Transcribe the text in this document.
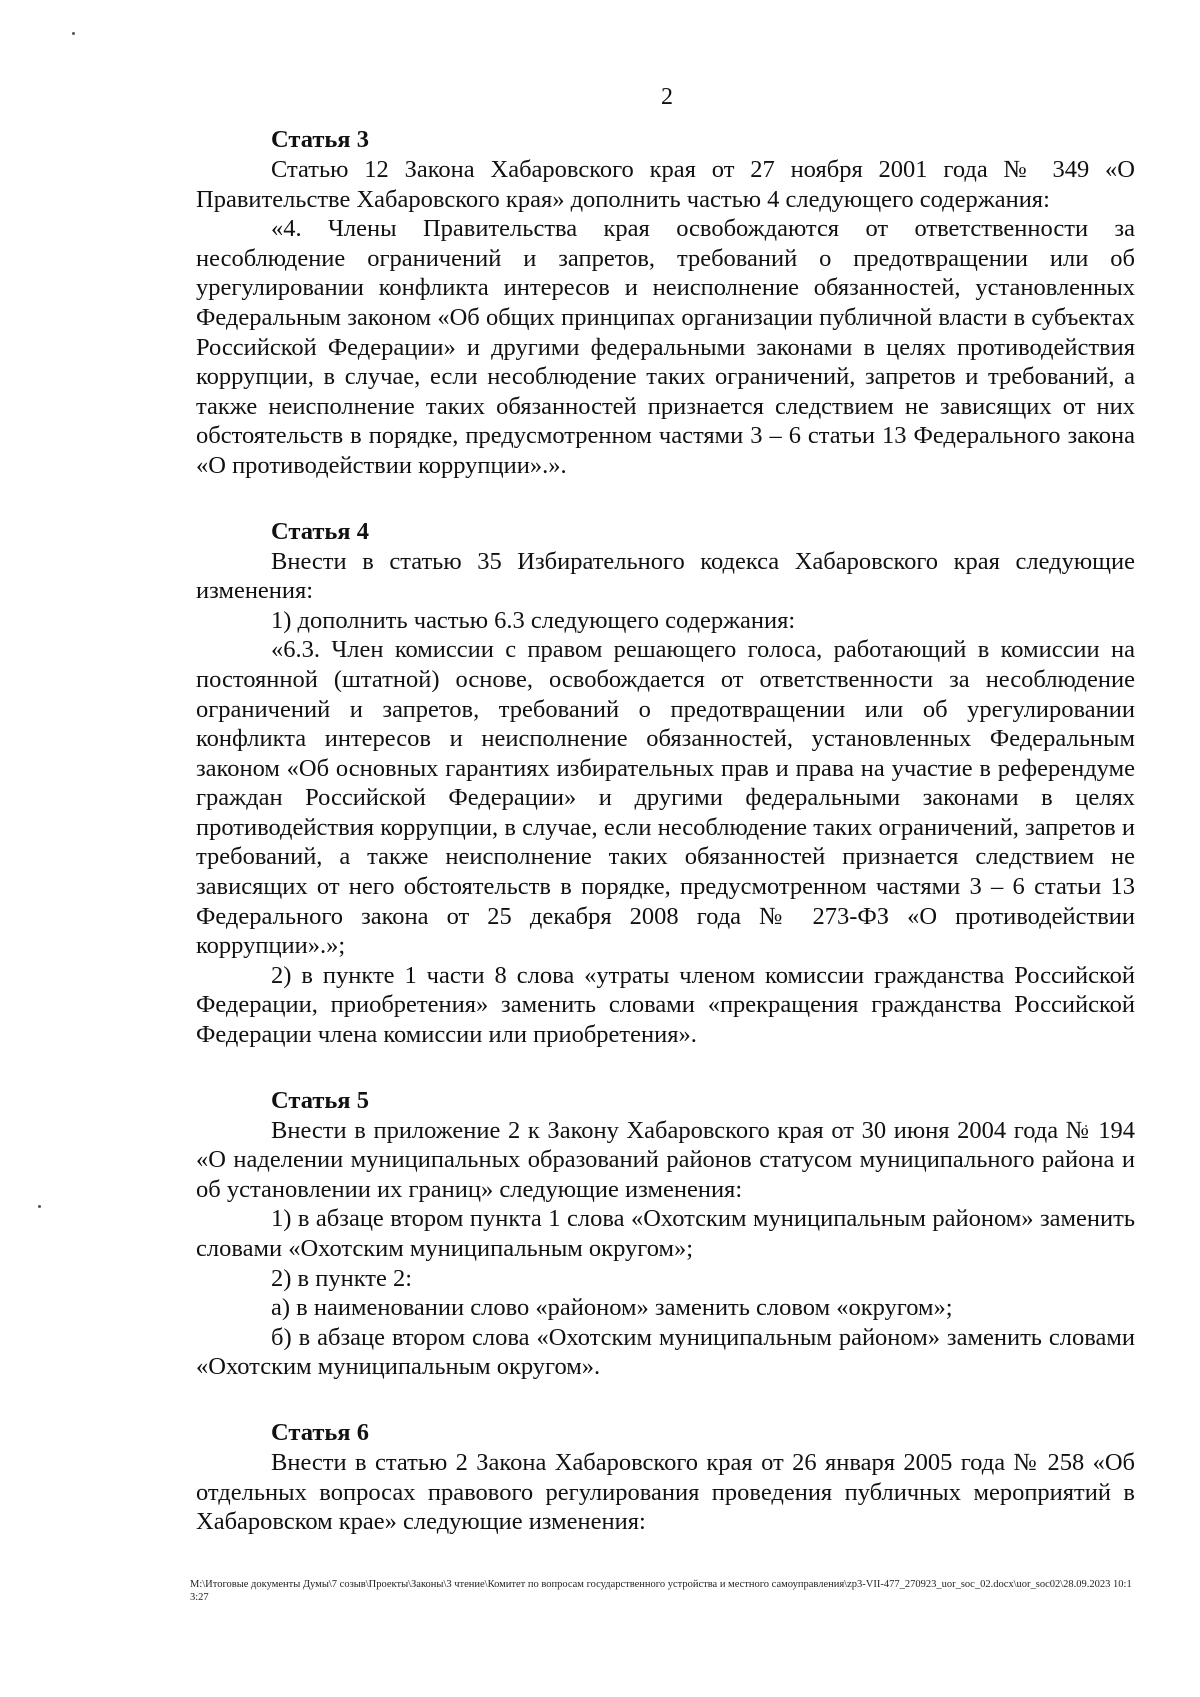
2

Статья 3

Статью 12 Закона Хабаровского края от 27 ноября 2001 года № 349 «О Правительстве Хабаровского края» дополнить частью 4 следующего содержания:

«4. Члены Правительства края освобождаются от ответственности за несоблюдение ограничений и запретов, требований о предотвращении или об урегулировании конфликта интересов и неисполнение обязанностей, установленных Федеральным законом «Об общих принципах организации публичной власти в субъектах Российской Федерации» и другими федеральными законами в целях противодействия коррупции, в случае, если несоблюдение таких ограничений, запретов и требований, а также неисполнение таких обязанностей признается следствием не зависящих от них обстоятельств в порядке, предусмотренном частями 3 – 6 статьи 13 Федерального закона «О противодействии коррупции».».

Статья 4

Внести в статью 35 Избирательного кодекса Хабаровского края следующие изменения:

1) дополнить частью 6.3 следующего содержания:

«6.3. Член комиссии с правом решающего голоса, работающий в комиссии на постоянной (штатной) основе, освобождается от ответственности за несоблюдение ограничений и запретов, требований о предотвращении или об урегулировании конфликта интересов и неисполнение обязанностей, установленных Федеральным законом «Об основных гарантиях избирательных прав и права на участие в референдуме граждан Российской Федерации» и другими федеральными законами в целях противодействия коррупции, в случае, если несоблюдение таких ограничений, запретов и требований, а также неисполнение таких обязанностей признается следствием не зависящих от него обстоятельств в порядке, предусмотренном частями 3 – 6 статьи 13 Федерального закона от 25 декабря 2008 года № 273-ФЗ «О противодействии коррупции».»;

2) в пункте 1 части 8 слова «утраты членом комиссии гражданства Российской Федерации, приобретения» заменить словами «прекращения гражданства Российской Федерации члена комиссии или приобретения».

Статья 5

Внести в приложение 2 к Закону Хабаровского края от 30 июня 2004 года № 194 «О наделении муниципальных образований районов статусом муниципального района и об установлении их границ» следующие изменения:

1) в абзаце втором пункта 1 слова «Охотским муниципальным районом» заменить словами «Охотским муниципальным округом»;

2) в пункте 2:

а) в наименовании слово «районом» заменить словом «округом»;

б) в абзаце втором слова «Охотским муниципальным районом» заменить словами «Охотским муниципальным округом».

Статья 6

Внести в статью 2 Закона Хабаровского края от 26 января 2005 года № 258 «Об отдельных вопросах правового регулирования проведения публичных мероприятий в Хабаровском крае» следующие изменения:

M:\Итоговые документы Думы\7 созыв\Проекты\Законы\3 чтение\Комитет по вопросам государственного устройства и местного самоуправления\zp3-VII-477_270923_uor_soc_02.docx\uor_soc02\28.09.2023 10:13:27
